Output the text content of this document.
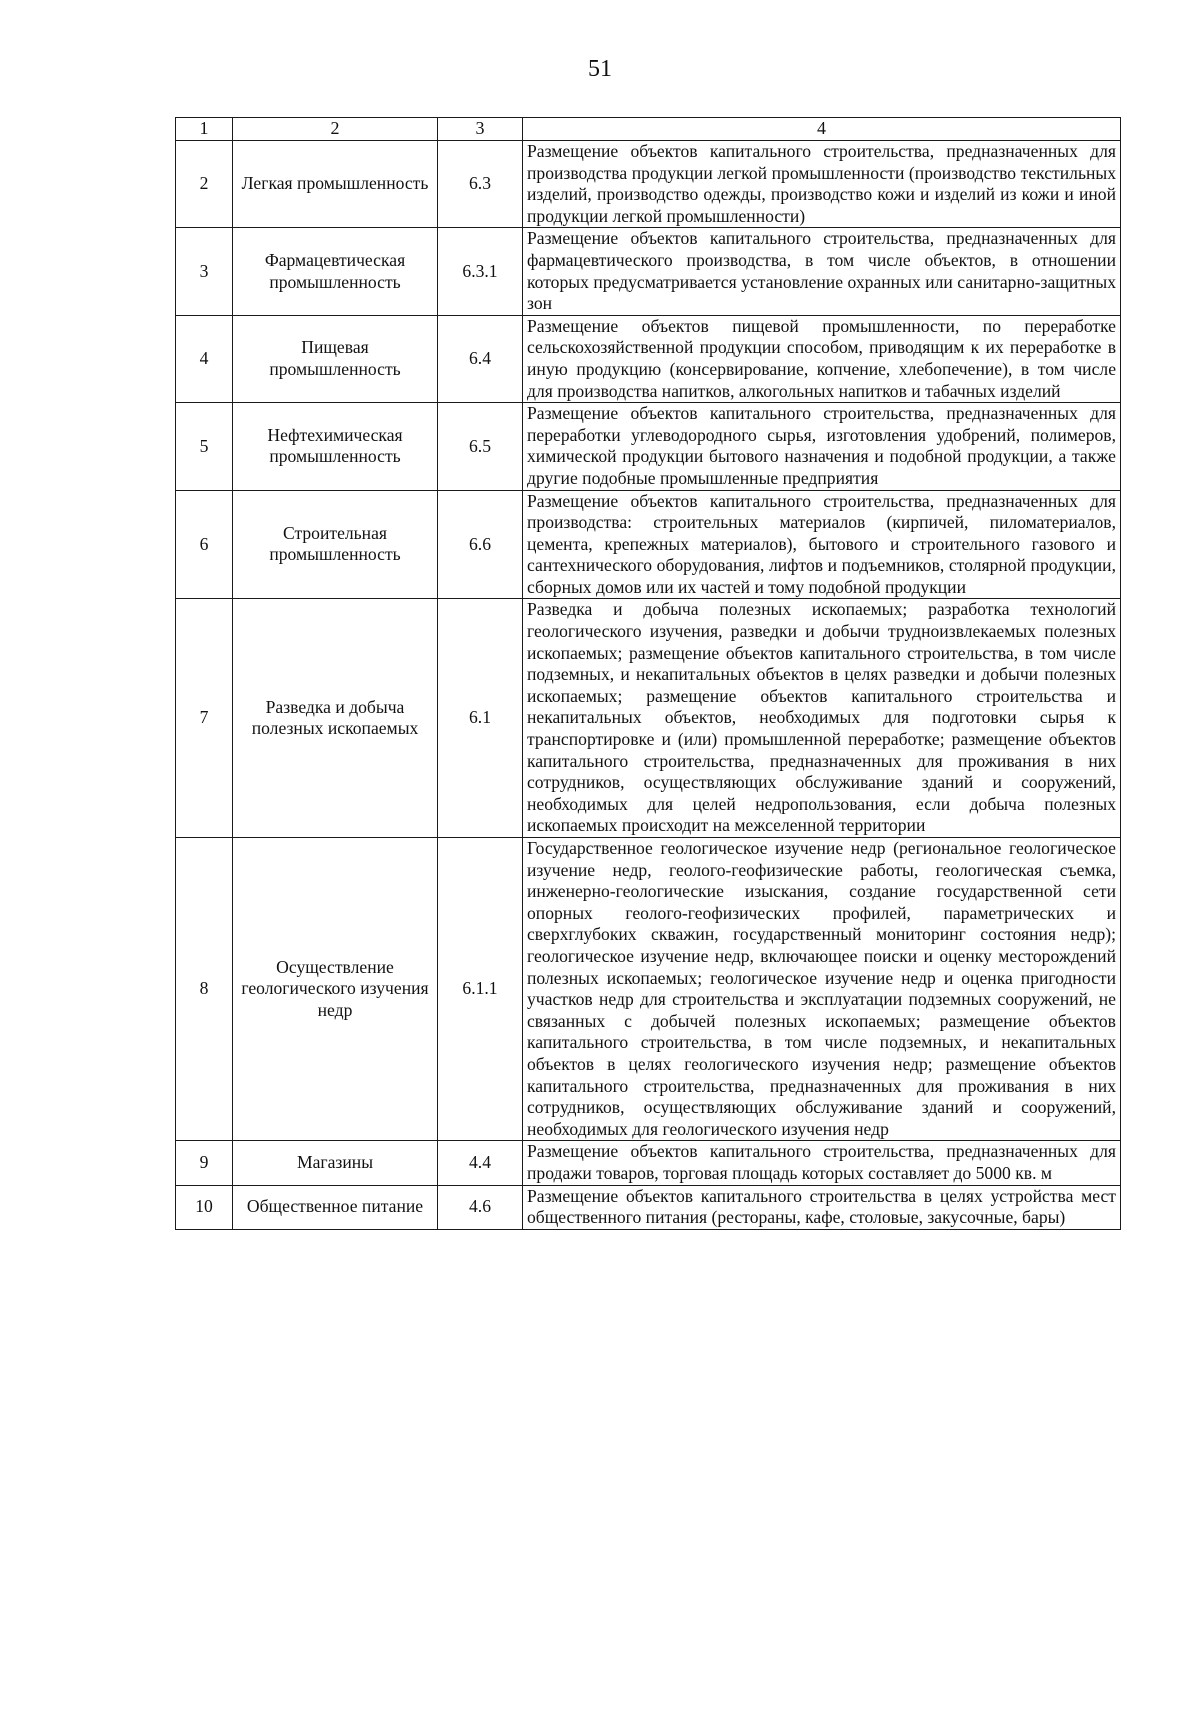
51
1	2	3	4
2	Легкая промышленность	6.3	Размещение объектов капитального строительства, предназначенных для производства продукции легкой промышленности (производство текстильных изделий, производство одежды, производство кожи и изделий из кожи и иной продукции легкой промышленности)
3	Фармацевтическая промышленность	6.3.1	Размещение объектов капитального строительства, предназначенных для фармацевтического производства, в том числе объектов, в отношении которых предусматривается установление охранных или санитарно-защитных зон
4	Пищевая промышленность	6.4	Размещение объектов пищевой промышленности, по переработке сельскохозяйственной продукции способом, приводящим к их переработке в иную продукцию (консервирование, копчение, хлебопечение), в том числе для производства напитков, алкогольных напитков и табачных изделий
5	Нефтехимическая промышленность	6.5	Размещение объектов капитального строительства, предназначенных для переработки углеводородного сырья, изготовления удобрений, полимеров, химической продукции бытового назначения и подобной продукции, а также другие подобные промышленные предприятия
6	Строительная промышленность	6.6	Размещение объектов капитального строительства, предназначенных для производства: строительных материалов (кирпичей, пиломатериалов, цемента, крепежных материалов), бытового и строительного газового и сантехнического оборудования, лифтов и подъемников, столярной продукции, сборных домов или их частей и тому подобной продукции
7	Разведка и добыча полезных ископаемых	6.1	Разведка и добыча полезных ископаемых; разработка технологий геологического изучения, разведки и добычи трудноизвлекаемых полезных ископаемых; размещение объектов капитального строительства, в том числе подземных, и некапитальных объектов в целях разведки и добычи полезных ископаемых; размещение объектов капитального строительства и некапитальных объектов, необходимых для подготовки сырья к транспортировке и (или) промышленной переработке; размещение объектов капитального строительства, предназначенных для проживания в них сотрудников, осуществляющих обслуживание зданий и сооружений, необходимых для целей недропользования, если добыча полезных ископаемых происходит на межселенной территории
8	Осуществление геологического изучения недр	6.1.1	Государственное геологическое изучение недр (региональное геологическое изучение недр, геолого-геофизические работы, геологическая съемка, инженерно-геологические изыскания, создание государственной сети опорных геолого-геофизических профилей, параметрических и сверхглубоких скважин, государственный мониторинг состояния недр); геологическое изучение недр, включающее поиски и оценку месторождений полезных ископаемых; геологическое изучение недр и оценка пригодности участков недр для строительства и эксплуатации подземных сооружений, не связанных с добычей полезных ископаемых; размещение объектов капитального строительства, в том числе подземных, и некапитальных объектов в целях геологического изучения недр; размещение объектов капитального строительства, предназначенных для проживания в них сотрудников, осуществляющих обслуживание зданий и сооружений, необходимых для геологического изучения недр
9	Магазины	4.4	Размещение объектов капитального строительства, предназначенных для продажи товаров, торговая площадь которых составляет до 5000 кв. м
10	Общественное питание	4.6	Размещение объектов капитального строительства в целях устройства мест общественного питания (рестораны, кафе, столовые, закусочные, бары)
